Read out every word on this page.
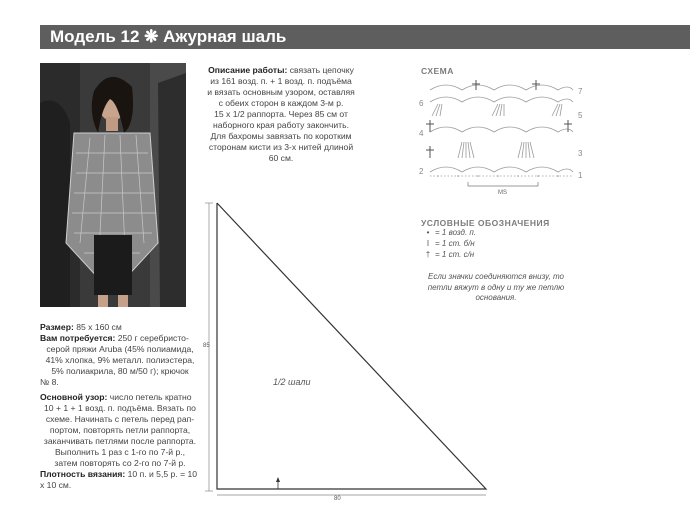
Модель 12 ❋ Ажурная шаль
Описание работы: связать цепочку
из 161 возд. п. + 1 возд. п. подъёма
и вязать основным узором, оставляя
с обеих сторон в каждом 3-м р.
15 х 1/2 раппорта. Через 85 см от
наборного края работу закончить.
Для бахромы завязать по коротким
сторонам кисти из 3-х нитей длиной
60 см.
Размер: 85 х 160 см
Вам потребуется: 250 г серебристо-
серой пряжи Aruba (45% полиамида,
41% хлопка, 9% металл. полиэстера,
5% полиакрила, 80 м/50 г); крючок
№ 8.
Основной узор: число петель кратно
10 + 1 + 1 возд. п. подъёма. Вязать по
схеме. Начинать с петель перед рап-
портом, повторять петли раппорта,
заканчивать петлями после раппорта.
Выполнить 1 раз с 1-го по 7-й р.,
затем повторять со 2-го по 7-й р.
Плотность вязания: 10 п. и 5,5 р. = 10 х 10 см.
85
1/2 шали
80
СХЕМА
MS
6
4
2
7
5
3
1
УСЛОВНЫЕ ОБОЗНАЧЕНИЯ
• = 1 возд. п.
I = 1 ст. б/н
† = 1 ст. с/н
Если значки соединяются внизу, то
петли вяжут в одну и ту же петлю
основания.
